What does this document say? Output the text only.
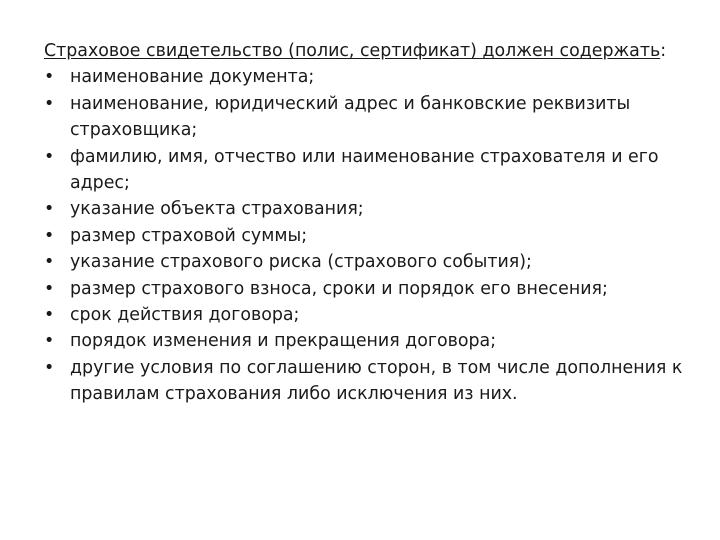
Страховое свидетельство (полис, сертификат) должен содержать:

• наименование документа;
• наименование, юридический адрес и банковские реквизиты страховщика;
• фамилию, имя, отчество или наименование страхователя и его адрес;
• указание объекта страхования;
• размер страховой суммы;
• указание страхового риска (страхового события);
• размер страхового взноса, сроки и порядок его внесения;
• срок действия договора;
• порядок изменения и прекращения договора;
• другие условия по соглашению сторон, в том числе дополнения к правилам страхования либо исключения из них.
